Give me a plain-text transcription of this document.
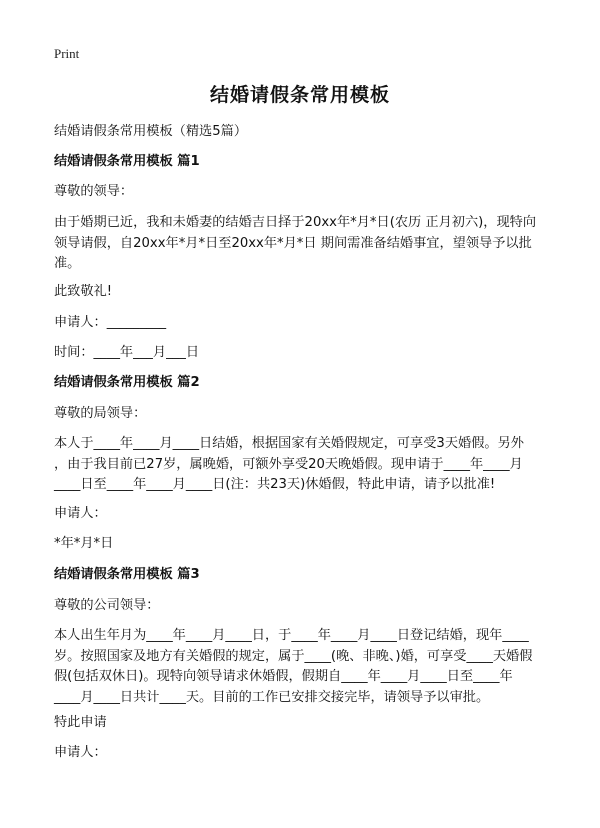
Print
结婚请假条常用模板
结婚请假条常用模板（精选5篇）
结婚请假条常用模板 篇1
尊敬的领导：
由于婚期已近，我和未婚妻的结婚吉日择于20xx年*月*日(农历 正月初六)，现特向
领导请假，自20xx年*月*日至20xx年*月*日 期间需准备结婚事宜，望领导予以批
准。
此致敬礼!
申请人：_________
时间：____年___月___日
结婚请假条常用模板 篇2
尊敬的局领导：
本人于____年____月____日结婚，根据国家有关婚假规定，可享受3天婚假。另外
，由于我目前已27岁，属晚婚，可额外享受20天晚婚假。现申请于____年____月
____日至____年____月____日(注：共23天)休婚假，特此申请，请予以批准!
申请人：
*年*月*日
结婚请假条常用模板 篇3
尊敬的公司领导：
本人出生年月为____年____月____日，于____年____月____日登记结婚，现年____
岁。按照国家及地方有关婚假的规定，属于____(晚、非晚、)婚，可享受____天婚假
假(包括双休日)。现特向领导请求休婚假，假期自____年____月____日至____年
____月____日共计____天。目前的工作已安排交接完毕，请领导予以审批。
特此申请
申请人：
